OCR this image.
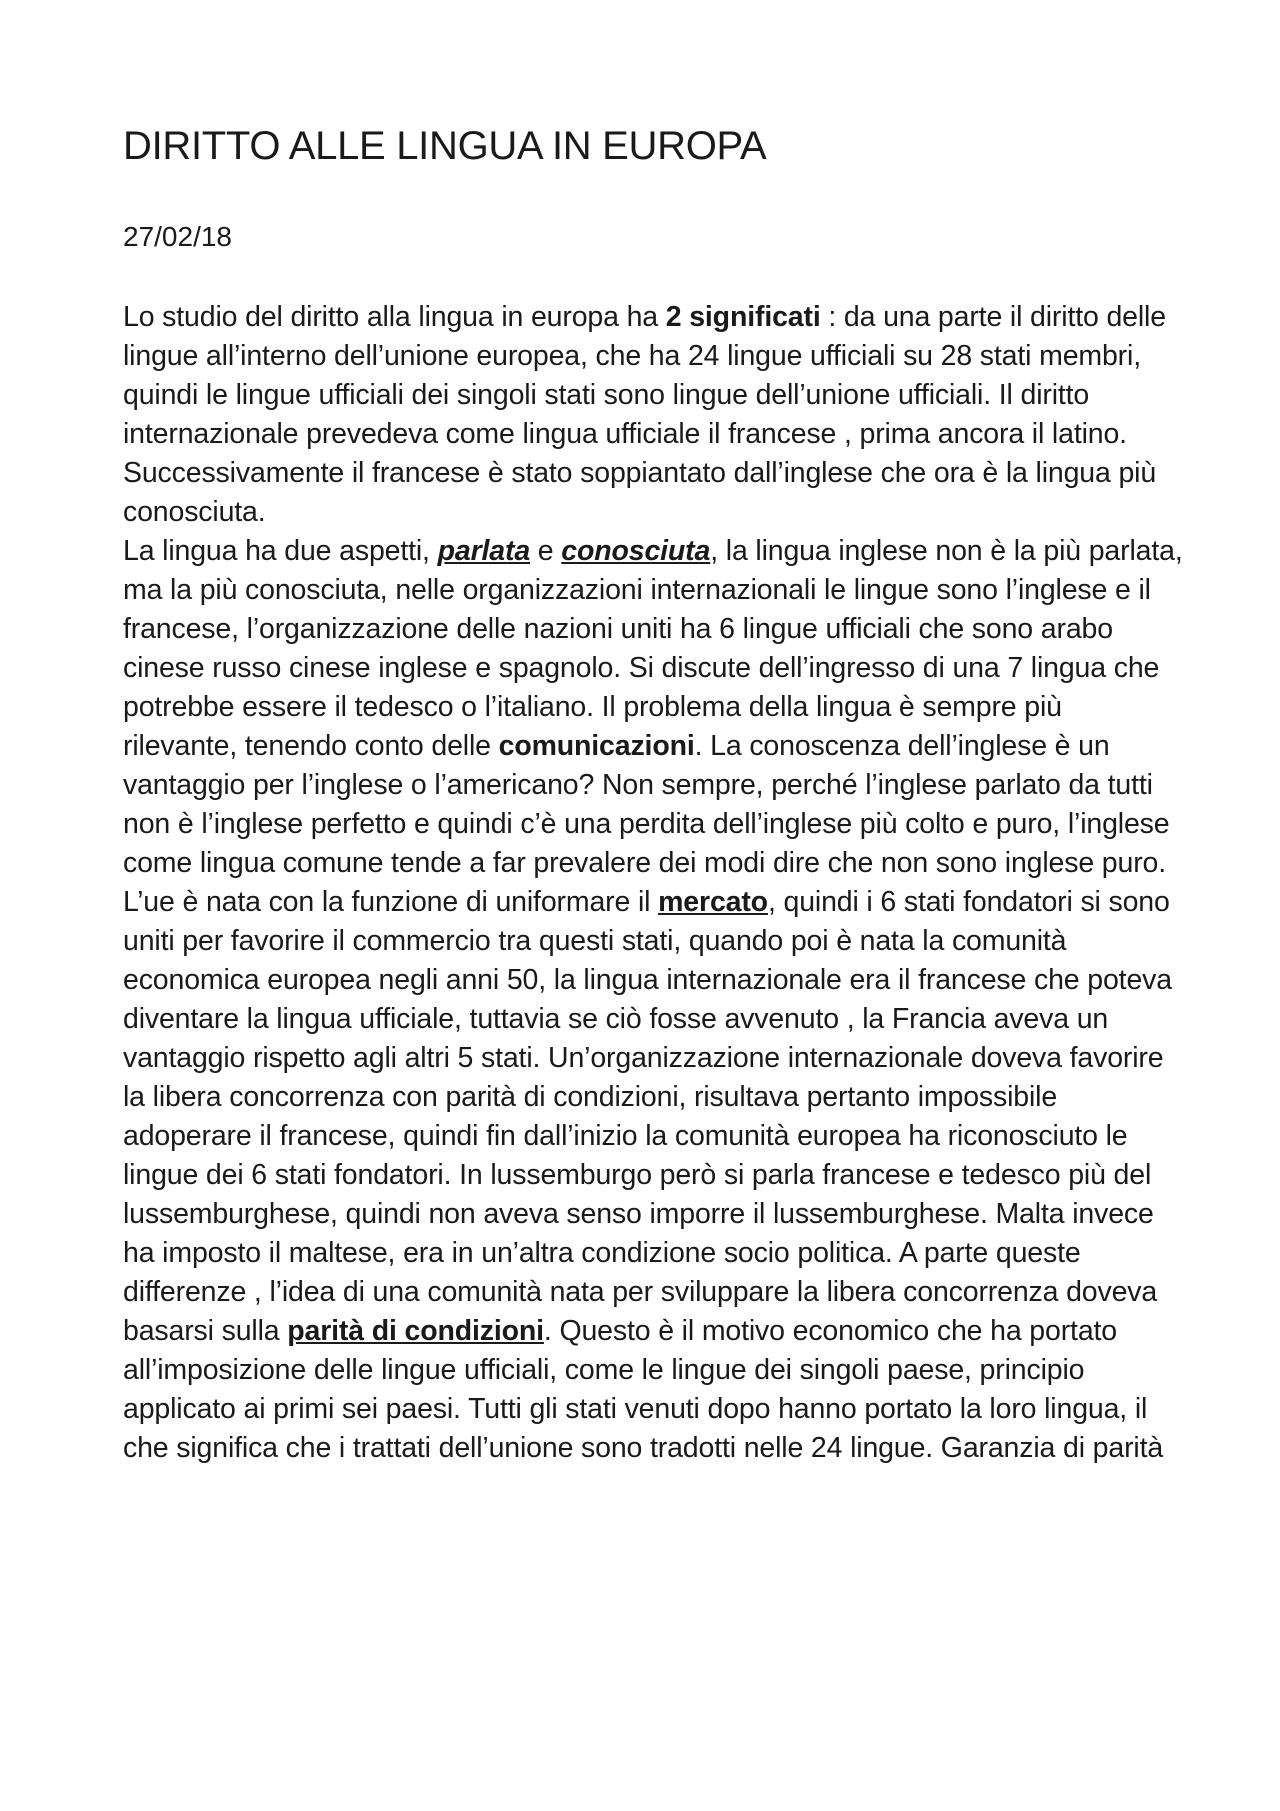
DIRITTO ALLE LINGUA IN EUROPA
27/02/18

Lo studio del diritto alla lingua in europa ha 2 significati : da una parte il diritto delle lingue all’interno dell’unione europea, che ha 24 lingue ufficiali su 28 stati membri, quindi le lingue ufficiali dei singoli stati sono lingue dell’unione ufficiali. Il diritto internazionale prevedeva come lingua ufficiale il francese , prima ancora il latino. Successivamente il francese è stato soppiantato dall’inglese che ora è la lingua più conosciuta.

La lingua ha due aspetti, parlata e conosciuta, la lingua inglese non è la più parlata, ma la più conosciuta, nelle organizzazioni internazionali le lingue sono l’inglese e il francese, l’organizzazione delle nazioni uniti ha 6 lingue ufficiali che sono arabo cinese russo cinese inglese e spagnolo. Si discute dell’ingresso di una 7 lingua che potrebbe essere il tedesco o l’italiano. Il problema della lingua è sempre più rilevante, tenendo conto delle comunicazioni. La conoscenza dell’inglese è un vantaggio per l’inglese o l’americano? Non sempre, perché l’inglese parlato da tutti non è l’inglese perfetto e quindi c’è una perdita dell’inglese più colto e puro, l’inglese come lingua comune tende a far prevalere dei modi dire che non sono inglese puro.

L’ue è nata con la funzione di uniformare il mercato, quindi i 6 stati fondatori si sono uniti per favorire il commercio tra questi stati, quando poi è nata la comunità economica europea negli anni 50, la lingua internazionale era il francese che poteva diventare la lingua ufficiale, tuttavia se ciò fosse avvenuto , la Francia aveva un vantaggio rispetto agli altri 5 stati. Un’organizzazione internazionale doveva favorire la libera concorrenza con parità di condizioni, risultava pertanto impossibile adoperare il francese, quindi fin dall’inizio la comunità europea ha riconosciuto le lingue dei 6 stati fondatori. In lussemburgo però si parla francese e tedesco più del lussemburghese, quindi non aveva senso imporre il lussemburghese. Malta invece ha imposto il maltese, era in un’altra condizione socio politica. A parte queste differenze , l’idea di una comunità nata per sviluppare la libera concorrenza doveva basarsi sulla parità di condizioni. Questo è il motivo economico che ha portato all’imposizione delle lingue ufficiali, come le lingue dei singoli paese, principio applicato ai primi sei paesi. Tutti gli stati venuti dopo hanno portato la loro lingua, il che significa che i trattati dell’unione sono tradotti nelle 24 lingue. Garanzia di parità
